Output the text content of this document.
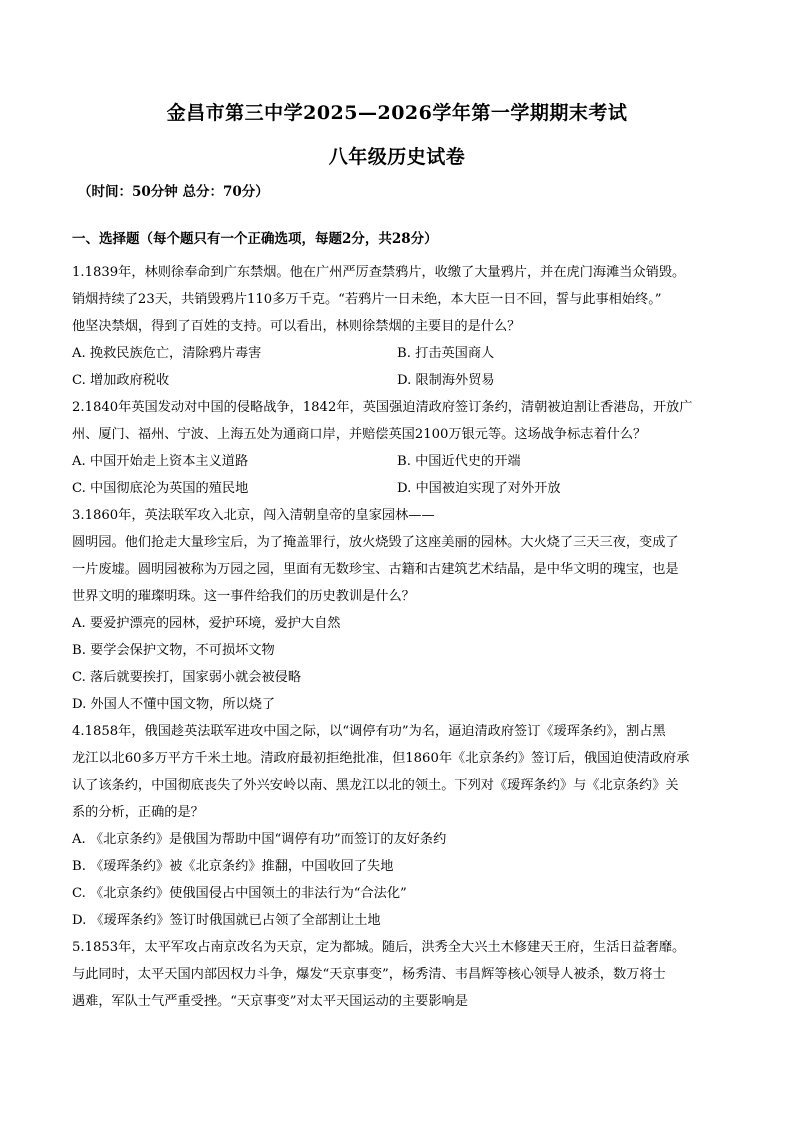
金昌市第三中学2025—2026学年第一学期期末考试
八年级历史试卷
（时间：50分钟 总分：70分）
一、选择题（每个题只有一个正确选项，每题2分，共28分）

1.1839年，林则徐奉命到广东禁烟。他在广州严厉查禁鸦片，收缴了大量鸦片，并在虎门海滩当众销毁。

销烟持续了23天，共销毁鸦片110多万千克。“若鸦片一日未绝，本大臣一日不回，誓与此事相始终。”

他坚决禁烟，得到了百姓的支持。可以看出，林则徐禁烟的主要目的是什么？

A. 挽救民族危亡，清除鸦片毒害	B. 打击英国商人

C. 增加政府税收	D. 限制海外贸易

2.1840年英国发动对中国的侵略战争，1842年，英国强迫清政府签订条约，清朝被迫割让香港岛，开放广

州、厦门、福州、宁波、上海五处为通商口岸，并赔偿英国2100万银元等。这场战争标志着什么？

A. 中国开始走上资本主义道路	B. 中国近代史的开端

C. 中国彻底沦为英国的殖民地	D. 中国被迫实现了对外开放

3.1860年，英法联军攻入北京，闯入清朝皇帝的皇家园林——

圆明园。他们抢走大量珍宝后，为了掩盖罪行，放火烧毁了这座美丽的园林。大火烧了三天三夜，变成了

一片废墟。圆明园被称为万园之园，里面有无数珍宝、古籍和古建筑艺术结晶，是中华文明的瑰宝，也是

世界文明的璀璨明珠。这一事件给我们的历史教训是什么？

A. 要爱护漂亮的园林，爱护环境，爱护大自然

B. 要学会保护文物，不可损坏文物

C. 落后就要挨打，国家弱小就会被侵略

D. 外国人不懂中国文物，所以烧了

4.1858年，俄国趁英法联军进攻中国之际，以“调停有功”为名，逼迫清政府签订《瑷珲条约》，割占黑

龙江以北60多万平方千米土地。清政府最初拒绝批准，但1860年《北京条约》签订后，俄国迫使清政府承

认了该条约，中国彻底丧失了外兴安岭以南、黑龙江以北的领土。下列对《瑷珲条约》与《北京条约》关

系的分析，正确的是？

A. 《北京条约》是俄国为帮助中国“调停有功”而签订的友好条约

B. 《瑷珲条约》被《北京条约》推翻，中国收回了失地

C. 《北京条约》使俄国侵占中国领土的非法行为“合法化”

D. 《瑷珲条约》签订时俄国就已占领了全部割让土地

5.1853年，太平军攻占南京改名为天京，定为都城。随后，洪秀全大兴土木修建天王府，生活日益奢靡。

与此同时，太平天国内部因权力斗争，爆发“天京事变”，杨秀清、韦昌辉等核心领导人被杀，数万将士

遇难，军队士气严重受挫。“天京事变”对太平天国运动的主要影响是
